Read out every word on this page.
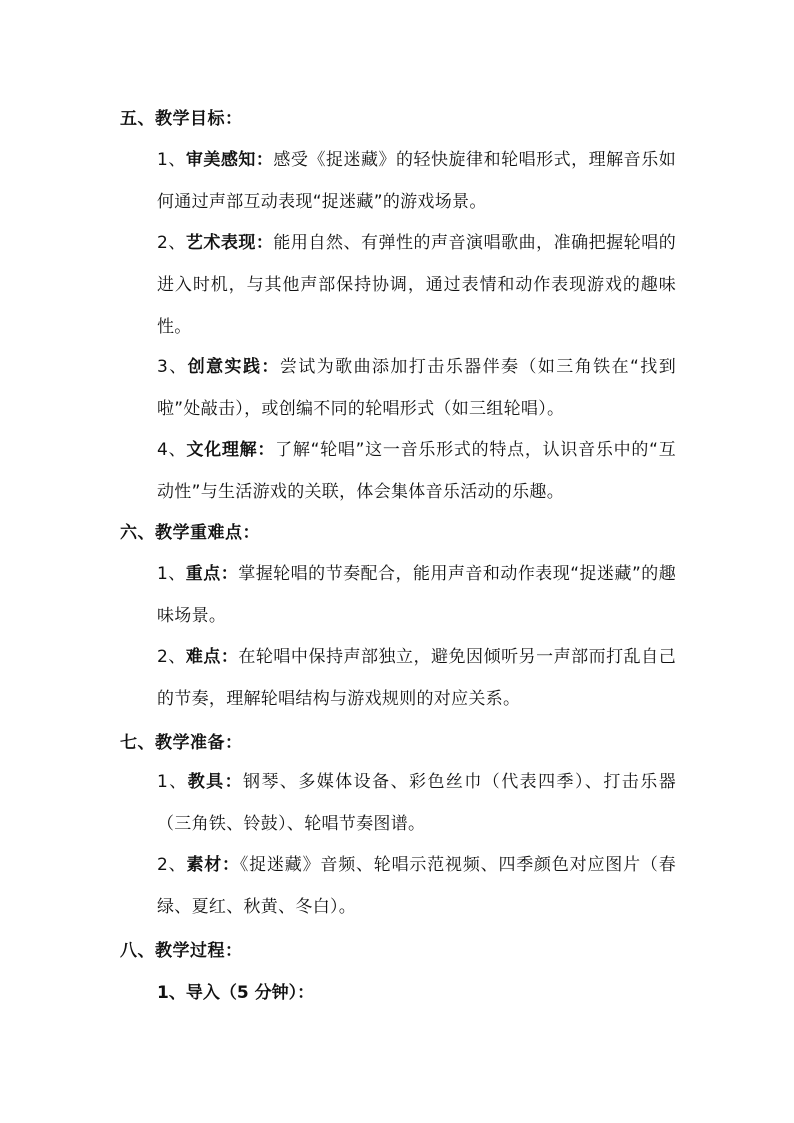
五、教学目标：
1、审美感知：感受《捉迷藏》的轻快旋律和轮唱形式，理解音乐如何通过声部互动表现“捉迷藏”的游戏场景。
2、艺术表现：能用自然、有弹性的声音演唱歌曲，准确把握轮唱的进入时机，与其他声部保持协调，通过表情和动作表现游戏的趣味性。
3、创意实践：尝试为歌曲添加打击乐器伴奏（如三角铁在“找到啦”处敲击），或创编不同的轮唱形式（如三组轮唱）。
4、文化理解：了解“轮唱”这一音乐形式的特点，认识音乐中的“互动性”与生活游戏的关联，体会集体音乐活动的乐趣。
六、教学重难点：
1、重点：掌握轮唱的节奏配合，能用声音和动作表现“捉迷藏”的趣味场景。
2、难点：在轮唱中保持声部独立，避免因倾听另一声部而打乱自己的节奏，理解轮唱结构与游戏规则的对应关系。
七、教学准备：
1、教具：钢琴、多媒体设备、彩色丝巾（代表四季）、打击乐器（三角铁、铃鼓）、轮唱节奏图谱。
2、素材：《捉迷藏》音频、轮唱示范视频、四季颜色对应图片（春绿、夏红、秋黄、冬白）。
八、教学过程：
1、导入（5 分钟）：
